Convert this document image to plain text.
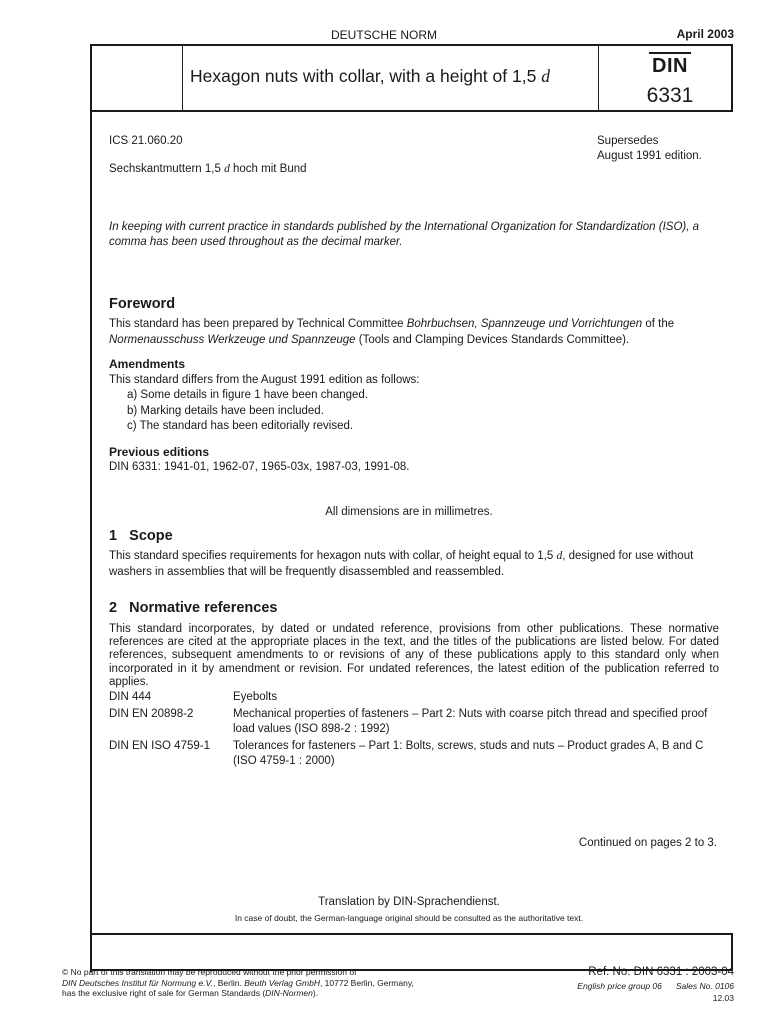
DEUTSCHE NORM	April 2003
Hexagon nuts with collar, with a height of 1,5 d	DIN
6331
ICS 21.060.20
Sechskantmuttern 1,5 d hoch mit Bund
Supersedes
August 1991 edition.
In keeping with current practice in standards published by the International Organization for Standardization (ISO), a comma has been used throughout as the decimal marker.
Foreword
This standard has been prepared by Technical Committee Bohrbuchsen, Spannzeuge und Vorrichtungen of the Normenausschuss Werkzeuge und Spannzeuge (Tools and Clamping Devices Standards Committee).
Amendments
This standard differs from the August 1991 edition as follows:
a) Some details in figure 1 have been changed.
b) Marking details have been included.
c) The standard has been editorially revised.
Previous editions
DIN 6331: 1941-01, 1962-07, 1965-03x, 1987-03, 1991-08.
All dimensions are in millimetres.
1   Scope
This standard specifies requirements for hexagon nuts with collar, of height equal to 1,5 d, designed for use without washers in assemblies that will be frequently disassembled and reassembled.
2   Normative references
This standard incorporates, by dated or undated reference, provisions from other publications. These normative references are cited at the appropriate places in the text, and the titles of the publications are listed below. For dated references, subsequent amendments to or revisions of any of these publications apply to this standard only when incorporated in it by amendment or revision. For undated references, the latest edition of the publication referred to applies.
DIN 444	Eyebolts
DIN EN 20898-2	Mechanical properties of fasteners – Part 2: Nuts with coarse pitch thread and specified proof load values (ISO 898-2 : 1992)
DIN EN ISO 4759-1	Tolerances for fasteners – Part 1: Bolts, screws, studs and nuts – Product grades A, B and C (ISO 4759-1 : 2000)
Continued on pages 2 to 3.
Translation by DIN-Sprachendienst.
In case of doubt, the German-language original should be consulted as the authoritative text.
© No part of this translation may be reproduced without the prior permission of
DIN Deutsches Institut für Normung e.V., Berlin. Beuth Verlag GmbH, 10772 Berlin, Germany,
has the exclusive right of sale for German Standards (DIN-Normen).
Ref. No. DIN 6331 : 2003-04
English price group 06 Sales No. 0106
12.03
